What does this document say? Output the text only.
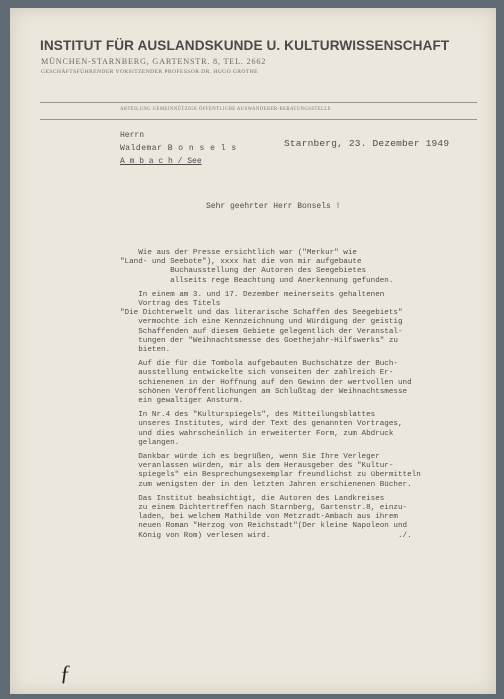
INSTITUT FÜR AUSLANDSKUNDE U. KULTURWISSENSCHAFT
MÜNCHEN-STARNBERG, GARTENSTR. 8, TEL. 2662
GESCHÄFTSFÜHRENDER VORSITZENDER PROFESSOR DR. HUGO GROTHE
ABTEILUNG GEMEINNÜTZIGE ÖFFENTLICHE AUSWANDERER-BERATUNGSSTELLE
Herrn
Waldemar B o n s e l s
A m b a c h / See
Starnberg, 23. Dezember 1949
Sehr geehrter Herr Bonsels !
Wie aus der Presse ersichtlich war ("Merkur" wie
"Land- und Seebote"), xxxx hat die von mir aufgebaute
Buchausstellung der Autoren des Seegebietes
allseits rege Beachtung und Anerkennung gefunden.
In einem am 3. und 17. Dezember meinerseits gehaltenen
Vortrag des Titels
"Die Dichterwelt und das literarische Schaffen des Seegebiets"
vermochte ich eine Kennzeichnung und Würdigung der geistig
Schaffenden auf diesem Gebiete gelegentlich der Veranstal-
tungen der "Weihnachtsmesse des Goethejahr-Hilfswerks" zu
bieten.
Auf die für die Tombola aufgebauten Buchschätze der Buch-
ausstellung entwickelte sich vonseiten der zahlreich Er-
schienenen in der Hoffnung auf den Gewinn der wertvollen und
schönen Veröffentlichungen am Schlußtag der Weihnachtsmesse
ein gewaltiger Ansturm.
In Nr.4 des "Kulturspiegels", des Mitteilungsblattes
unseres Institutes, wird der Text des genannten Vortrages,
und dies wahrscheinlich in erweiterter Form, zum Abdruck
gelangen.
Dankbar würde ich es begrüßen, wenn Sie Ihre Verleger
veranlassen würden, mir als dem Herausgeber des "Kultur-
spiegels" ein Besprechungsexemplar freundlichst zu übermitteln
zum wenigsten der in den letzten Jahren erschienenen Bücher.
Das Institut beabsichtigt, die Autoren des Landkreises
zu einem Dichtertreffen nach Starnberg, Gartenstr.8, einzu-
laden, bei welchem Mathilde von Metzradt-Ambach aus ihrem
neuen Roman "Herzog von Reichstadt"(Der kleine Napoleon und
König von Rom) verlesen wird.                            ./.
ƒ
